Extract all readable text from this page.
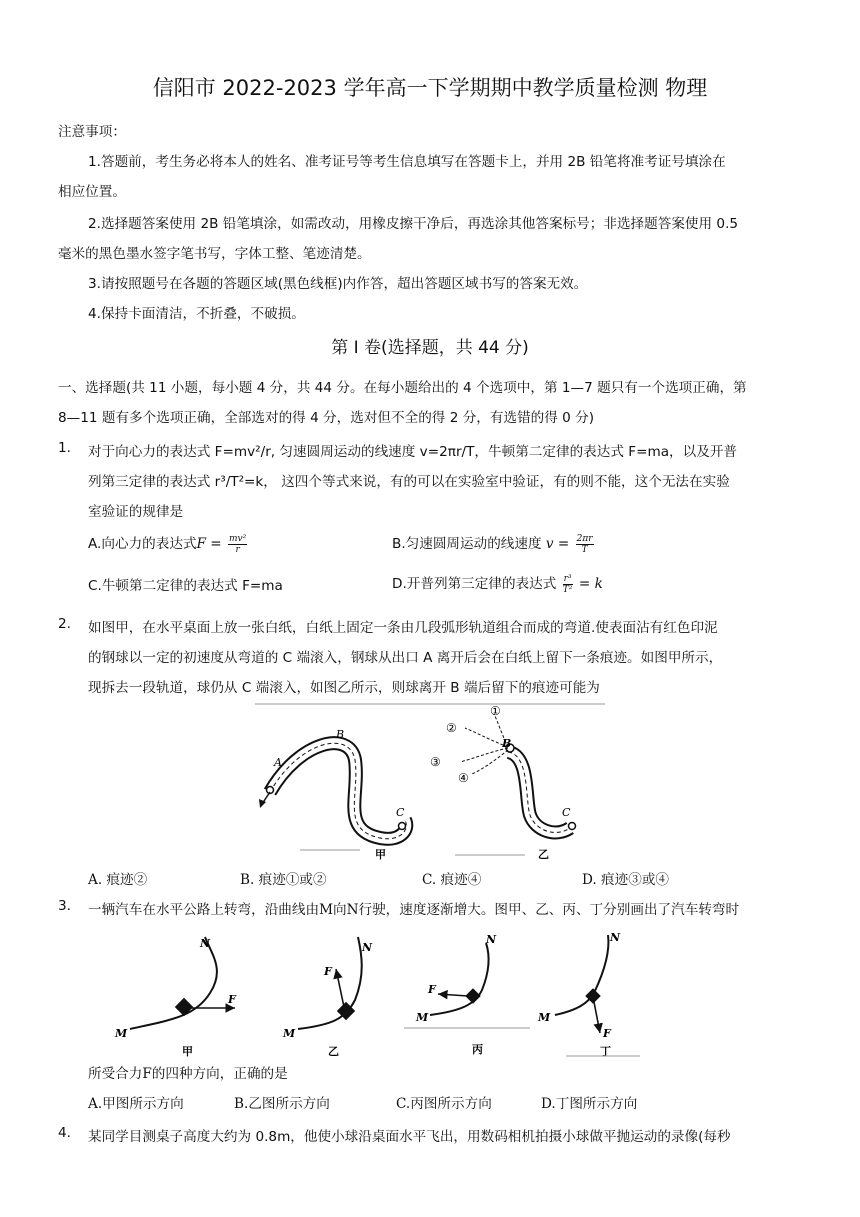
信阳市 2022-2023 学年高一下学期期中教学质量检测 物理
注意事项：
1.答题前，考生务必将本人的姓名、准考证号等考生信息填写在答题卡上，并用 2B 铅笔将准考证号填涂在
相应位置。
2.选择题答案使用 2B 铅笔填涂，如需改动，用橡皮擦干净后，再选涂其他答案标号；非选择题答案使用 0.5
毫米的黑色墨水签字笔书写，字体工整、笔迹清楚。
3.请按照题号在各题的答题区域(黑色线框)内作答，超出答题区域书写的答案无效。
4.保持卡面清洁，不折叠，不破损。
第 Ⅰ 卷(选择题，共 44 分)
一、选择题(共 11 小题，每小题 4 分，共 44 分。在每小题给出的 4 个选项中，第 1—7 题只有一个选项正确，第
8—11 题有多个选项正确，全部选对的得 4 分，选对但不全的得 2 分，有选错的得 0 分)
1.	对于向心力的表达式 F=mv²/r, 匀速圆周运动的线速度 v=2πr/T，牛顿第二定律的表达式 F=ma，以及开普
列第三定律的表达式 r³/T²=k， 这四个等式来说，有的可以在实验室中验证，有的则不能，这个无法在实验
室验证的规律是
A.向心力的表达式$F = \frac{\text{mv²}}{r}$	B.匀速圆周运动的线速度 $v = \frac{2\pi r}{T}$
C.牛顿第二定律的表达式 F=ma	D.开普列第三定律的表达式 $\frac{\text{r³}}{\text{T²}} = k$
2.	如图甲，在水平桌面上放一张白纸，白纸上固定一条由几段弧形轨道组合而成的弯道.使表面沾有红色印泥
的钢球以一定的初速度从弯道的 C 端滚入，钢球从出口 A 离开后会在白纸上留下一条痕迹。如图甲所示，
现拆去一段轨道，球仍从 C 端滚入，如图乙所示，则球离开 B 端后留下的痕迹可能为
A
B
C
甲
①
②
③
④
B
C
乙
A. 痕迹②	B. 痕迹①或②	C. 痕迹④	D. 痕迹③或④
3.	一辆汽车在水平公路上转弯，沿曲线由M向N行驶，速度逐渐增大。图甲、乙、丙、丁分别画出了汽车转弯时
M
N
F
甲
M
N
F
乙
M
N
F
丙
M
N
F
丁
所受合力F的四种方向，正确的是
A.甲图所示方向	B.乙图所示方向	C.丙图所示方向	D.丁图所示方向
4.	某同学目测桌子高度大约为 0.8m，他使小球沿桌面水平飞出，用数码相机拍摄小球做平抛运动的录像(每秒
